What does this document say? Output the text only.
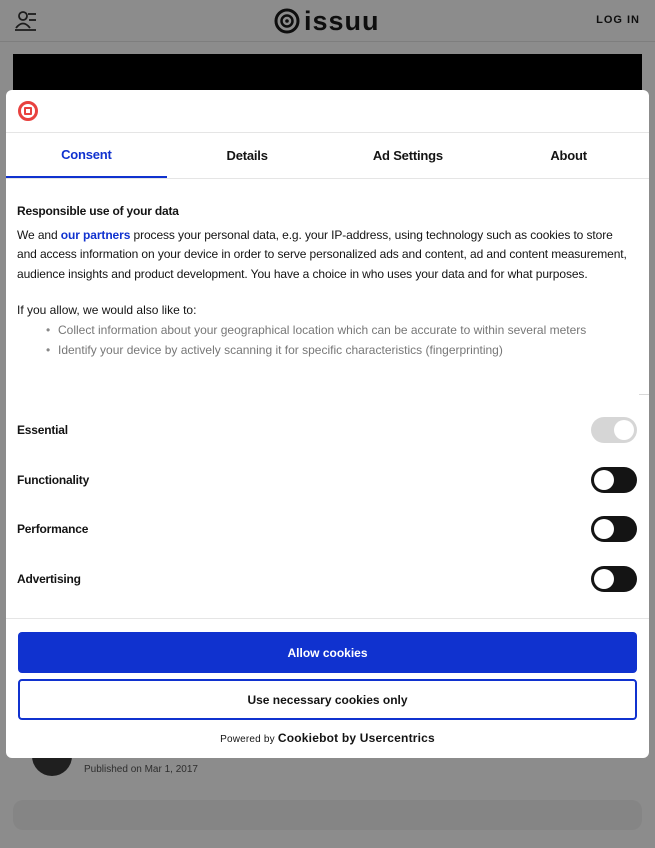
issuu	LOG IN
Published on Mar 1, 2017
Consent	Details	Ad Settings	About
Responsible use of your data

We and our partners process your personal data, e.g. your IP-address, using technology such as cookies to store and access information on your device in order to serve personalized ads and content, ad and content measurement, audience insights and product development. You have a choice in who uses your data and for what purposes.

If you allow, we would also like to:

• Collect information about your geographical location which can be accurate to within several meters
• Identify your device by actively scanning it for specific characteristics (fingerprinting)
Essential
Functionality
Performance
Advertising
Allow cookies
Use necessary cookies only
Powered by Cookiebot by Usercentrics
